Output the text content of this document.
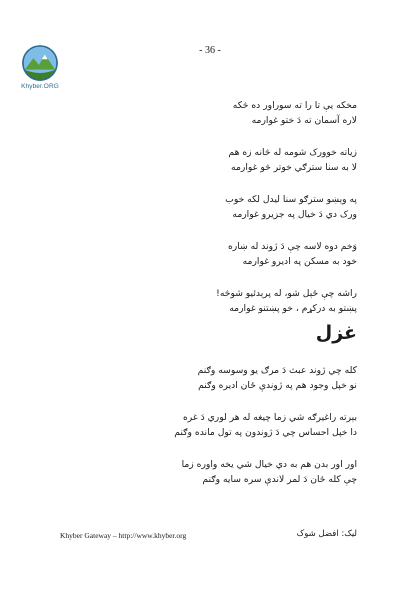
Khyber.ORG
- 36 -
مخکه يې تا را ته سوراور ده څکه
لاره آسمان ته دَ ختو غوارمه
زياته خوورک شومه له څانه زه هم
لا به سنا سترګي خوتر څو غوارمه
په وېښو سترګو سنا ليدل لکه خوب
ورک دي دَ خيال په جزيرو غوارمه
وَخم دوه لاسه چې دَ ژوند له ښاره
خود به مسکن په اديرو غوارمه
راشه چې ځېل شو، له پرېدئيو شوڅه!
پښتو به درکړم ، خو پښتنو غوارمه
غزل
کله چي ژوند عبث دَ مرګ يو وسوسه وګنم
نو خپل وجود هم په ژوندې ځان اديره وګنم
بېرته راغيرګه شي زما چيغه له هر لوري دَ غره
دا خپل احساس چي دَ ژوندون په تول مانده وګنم
اور اور بدن هم به دي خيال شي يخه واوره زما
چې کله ځان دَ لمر لاندې سره سايه وګنم
Khyber Gateway – http://www.khyber.org	ليک: افضل شوک
